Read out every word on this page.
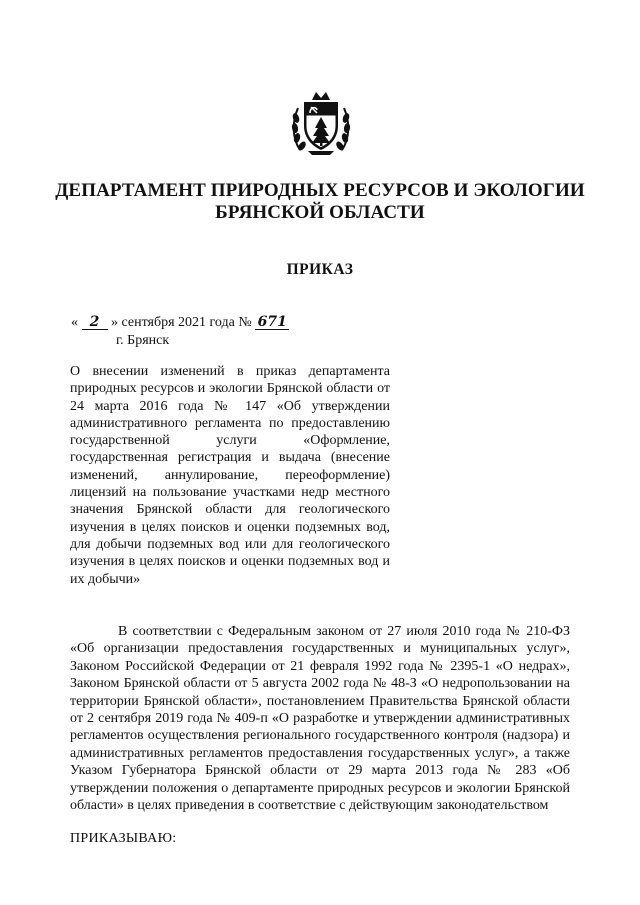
ДЕПАРТАМЕНТ ПРИРОДНЫХ РЕСУРСОВ И ЭКОЛОГИИ
БРЯНСКОЙ ОБЛАСТИ
ПРИКАЗ
« 2 » сентября 2021 года № 671
г. Брянск
О внесении изменений в приказ департамента природных ресурсов и экологии Брянской области от 24 марта 2016 года № 147 «Об утверждении административного регламента по предоставлению государственной услуги «Оформление, государственная регистрация и выдача (внесение изменений, аннулирование, переоформление) лицензий на пользование участками недр местного значения Брянской области для геологического изучения в целях поисков и оценки подземных вод, для добычи подземных вод или для геологического изучения в целях поисков и оценки подземных вод и их добычи»
В соответствии с Федеральным законом от 27 июля 2010 года № 210-ФЗ «Об организации предоставления государственных и муниципальных услуг», Законом Российской Федерации от 21 февраля 1992 года № 2395-1 «О недрах», Законом Брянской области от 5 августа 2002 года № 48-З «О недропользовании на территории Брянской области», постановлением Правительства Брянской области от 2 сентября 2019 года № 409-п «О разработке и утверждении административных регламентов осуществления регионального государственного контроля (надзора) и административных регламентов предоставления государственных услуг», а также Указом Губернатора Брянской области от 29 марта 2013 года № 283 «Об утверждении положения о департаменте природных ресурсов и экологии Брянской области» в целях приведения в соответствие с действующим законодательством
ПРИКАЗЫВАЮ:
